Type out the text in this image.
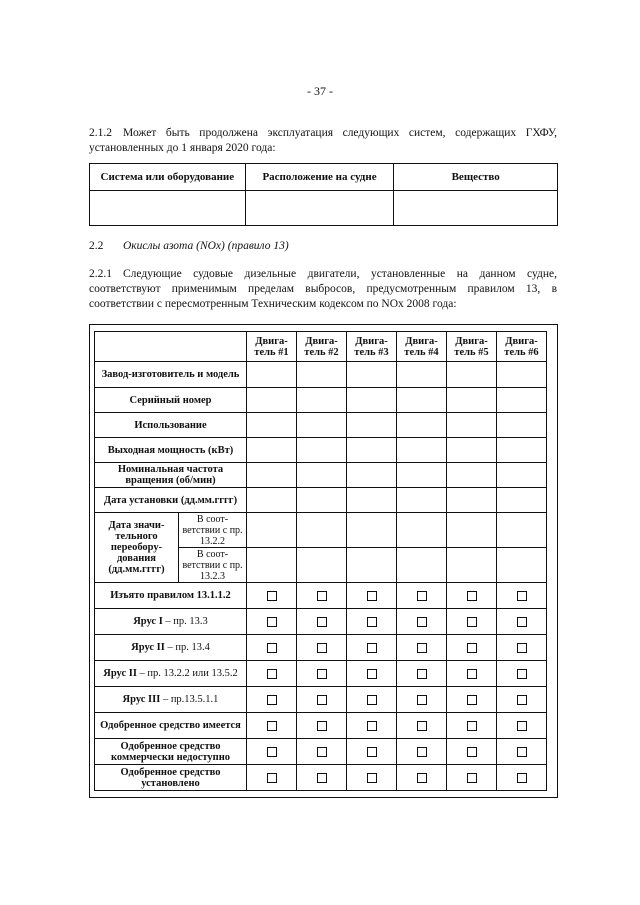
- 37 -
2.1.2 Может быть продолжена эксплуатация следующих систем, содержащих ГХФУ, установленных до 1 января 2020 года:
Система или оборудование	Расположение на судне	Вещество

2.2 Окислы азота (NOx) (правило 13)
2.2.1 Следующие судовые дизельные двигатели, установленные на данном судне, соответствуют применимым пределам выбросов, предусмотренным правилом 13, в соответствии с пересмотренным Техническим кодексом по NOx 2008 года:
		Двига-тель #1	Двига-тель #2	Двига-тель #3	Двига-тель #4	Двига-тель #5	Двига-тель #6
Завод-изготовитель и модель							
Серийный номер							
Использование							
Выходная мощность (кВт)							
Номинальная частота вращения (об/мин)							
Дата установки (дд.мм.гггг)							
Дата значи-тельного переобору-дования (дд.мм.гггг)	В соот-ветствии с пр. 13.2.2						
	В соот-ветствии с пр. 13.2.3						
Изъято правилом 13.1.1.2							
Ярус I – пр. 13.3							
Ярус II – пр. 13.4							
Ярус II – пр. 13.2.2 или 13.5.2							
Ярус III – пр.13.5.1.1							
Одобренное средство имеется							
Одобренное средство коммерчески недоступно							
Одобренное средство установлено							
